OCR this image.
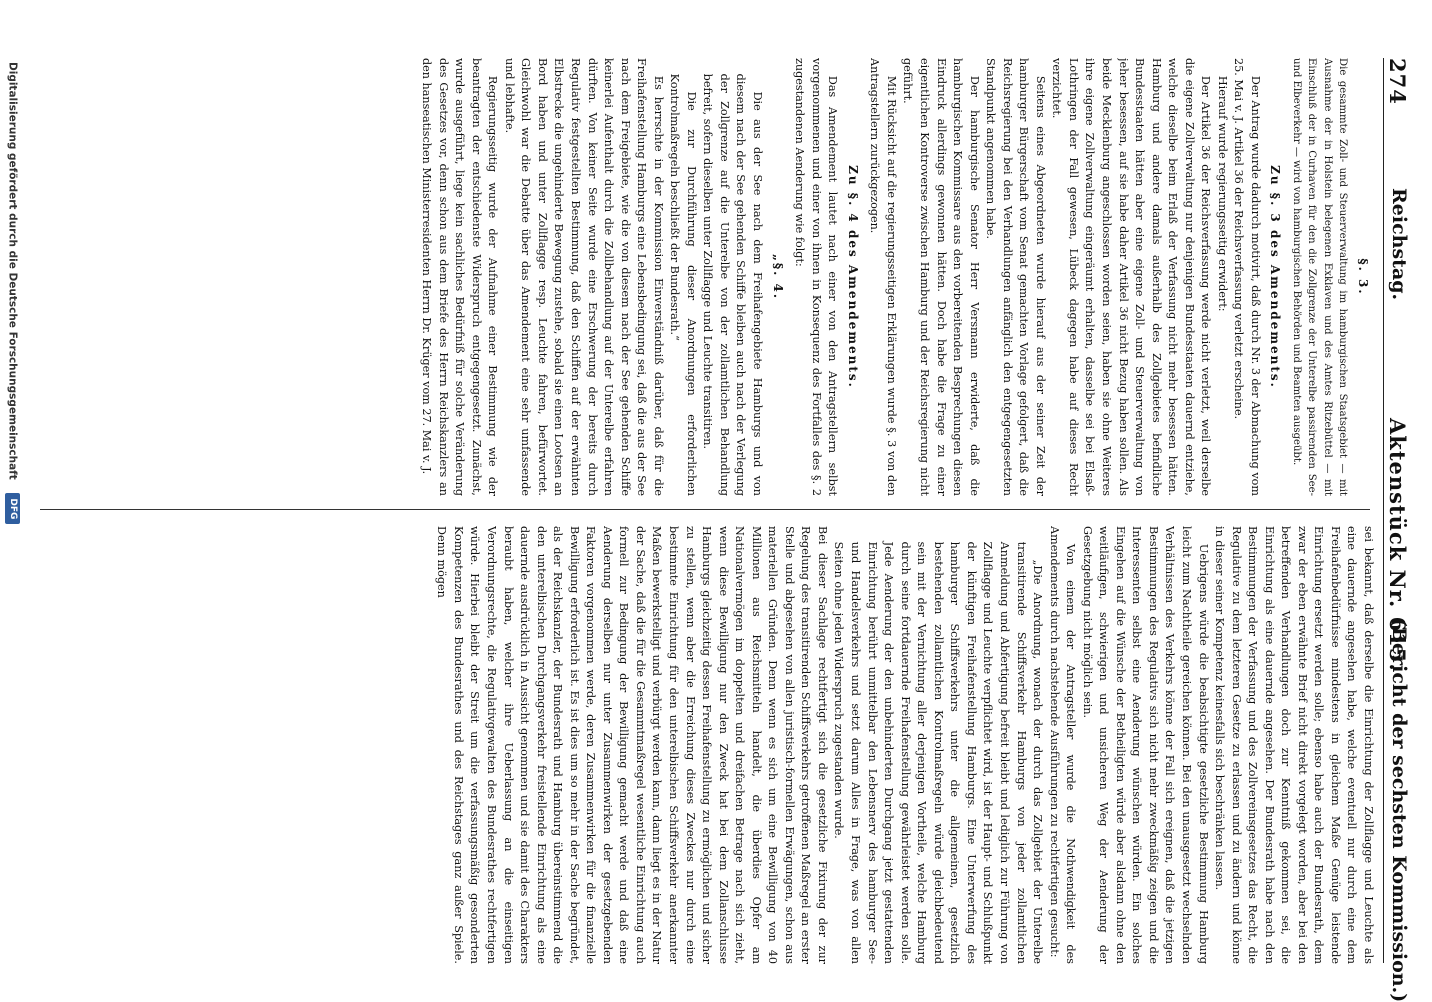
274
Reichstag.
Aktenstück Nr. 615.
(Bericht der sechsten Kommission.)
§. 3.

Die gesammte Zoll- und Steuerverwaltung im hamburgischen Staatsgebiet — mit Ausnahme der in Holstein belegenen Exklaven und des Amtes Ritzebüttel — mit Einschluß der in Curhaven für den die Zollgrenze der Unterelbe passirenden See- und Elbeverkehr — wird von hamburgischen Behörden und Beamten ausgeübt.

Zu §. 3 des Amendements.

Der Antrag wurde dadurch motivirt, daß durch Nr. 3 der Abmachung vom 25. Mai v. J. Artikel 36 der Reichsverfassung verletzt erscheine.

Hierauf wurde regierungsseitig erwidert:

Der Artikel 36 der Reichsverfassung werde nicht verletzt, weil derselbe die eigene Zollverwaltung nur denjenigen Bundesstaaten dauernd entziehe, welche dieselbe beim Erlaß der Verfassung nicht mehr besessen hätten. Hamburg und andere damals außerhalb des Zollgebietes befindliche Bundesstaaten hätten aber eine eigene Zoll- und Steuerverwaltung von jeher besessen, auf sie habe daher Artikel 36 nicht Bezug haben sollen. Als beide Mecklenburg angeschlossen worden seien, haben sie ohne Weiteres ihre eigene Zollverwaltung eingeräumt erhalten, dasselbe sei bei Elsaß-Lothringen der Fall gewesen, Lübeck dagegen habe auf dieses Recht verzichtet.

Seitens eines Abgeordneten wurde hierauf aus der seiner Zeit der hamburger Bürgerschaft vom Senat gemachten Vorlage gefolgert, daß die Reichsregierung bei den Verhandlungen anfänglich den entgegengesetzten Standpunkt angenommen habe.

Der hamburgische Senator Herr Versmann erwiderte, daß die hamburgischen Kommissare aus den vorbereitenden Besprechungen diesen Eindruck allerdings gewonnen hätten. Doch habe die Frage zu einer eigentlichen Kontroverse zwischen Hamburg und der Reichsregierung nicht geführt.

Mit Rücksicht auf die regierungsseitigen Erklärungen wurde §. 3 von den Antragstellern zurückgezogen.

Zu §. 4 des Amendements.

Das Amendement lautet nach einer von den Antragstellern selbst vorgenommenen und einer von ihnen in Konsequenz des Fortfalles des §. 2 zugestandenen Aenderung wie folgt:

„§. 4.

Die aus der See nach dem Freihafengebiete Hamburgs und von diesem nach der See gehenden Schiffe bleiben auch nach der Verlegung der Zollgrenze auf die Unterelbe von der zollamtlichen Behandlung befreit, sofern dieselben unter Zollflagge und Leuchte transitiren.

Die zur Durchführung dieser Anordnungen erforderlichen Kontrolmaßregeln beschließt der Bundesrath.“

Es herrschte in der Kommission Einverständniß darüber, daß für die Freihafenstellung Hamburgs eine Lebensbedingung sei, daß die aus der See nach dem Freigebiete, wie die von diesem nach der See gehenden Schiffe keinerlei Aufenthalt durch die Zollbehandlung auf der Unterelbe erfahren dürften. Von keiner Seite wurde eine Erschwerung der bereits durch Regulativ festgestellten Bestimmung, daß den Schiffen auf der erwähnten Elbstrecke die ungehinderte Bewegung zustehe, sobald sie einen Lootsen an Bord haben und unter Zollflagge resp. Leuchte fahren, befürwortet. Gleichwohl war die Debatte über das Amendement eine sehr umfassende und lebhafte.

Regierungsseitig wurde der Aufnahme einer Bestimmung wie der beantragten der entschiedenste Widerspruch entgegengesetzt. Zunächst, wurde ausgeführt, liege kein sachliches Bedürfniß für solche Veränderung des Gesetzes vor, denn schon aus dem Briefe des Herrn Reichskanzlers an den hanseatischen Ministerresidenten Herrn Dr. Krüger vom 27. Mai v. J.

sei bekannt, daß derselbe die Einrichtung der Zollflagge und Leuchte als eine dauernde angesehen habe, welche eventuell nur durch eine dem Freihafenbedürfnisse mindestens in gleichem Maße Genüge leistende Einrichtung ersetzt werden solle; ebenso habe auch der Bundesrath, dem zwar der eben erwähnte Brief nicht direkt vorgelegt worden, aber bei den betreffenden Verhandlungen doch zur Kenntniß gekommen sei, die Einrichtung als eine dauernde angesehen. Der Bundesrath habe nach den Bestimmungen der Verfassung und des Zollvereinsgesetzes das Recht, die Regulative zu dem letzteren Gesetze zu erlassen und zu ändern und könne in dieser seiner Kompetenz keinesfalls sich beschränken lassen.

Uebrigens würde die beabsichtigte gesetzliche Bestimmung Hamburg leicht zum Nachtheile gereichen können. Bei den unausgesetzt wechselnden Verhältnissen des Verkehrs könne der Fall sich ereignen, daß die jetzigen Bestimmungen des Regulativs sich nicht mehr zweckmäßig zeigen und die Interessenten selbst eine Aenderung wünschen würden. Ein solches Eingehen auf die Wünsche der Betheiligten würde aber alsdann ohne den weitläufigen, schwierigen und unsicheren Weg der Aenderung der Gesetzgebung nicht möglich sein.

Von einem der Antragsteller wurde die Nothwendigkeit des Amendements durch nachstehende Ausführungen zu rechtfertigen gesucht:

„Die Anordnung, wonach der durch das Zollgebiet der Unterelbe transitirende Schiffsverkehr Hamburgs von jeder zollamtlichen Anmeldung und Abfertigung befreit bleibt und lediglich zur Führung von Zollflagge und Leuchte verpflichtet wird, ist der Haupt- und Schlußpunkt der künftigen Freihafenstellung Hamburgs. Eine Unterwerfung des hamburger Schiffsverkehrs unter die allgemeinen, gesetzlich bestehenden zollamtlichen Kontrolmaßregeln würde gleichbedeutend sein mit der Vernichtung aller derjenigen Vortheile, welche Hamburg durch seine fortdauernde Freihafenstellung gewährleistet werden solle. Jede Aenderung der den unbehinderten Durchgang jetzt gestattenden Einrichtung berührt unmittelbar den Lebensnerv des hamburger See- und Handelsverkehrs und setzt darum Alles in Frage, was von allen Seiten ohne jeden Widerspruch zugestanden wurde.

Bei dieser Sachlage rechtfertigt sich die gesetzliche Fixirung der zur Regelung des transitirenden Schiffsverkehrs getroffenen Maßregel an erster Stelle und abgesehen von allen juristisch-formellen Erwägungen, schon aus materiellen Gründen. Denn wenn es sich um eine Bewilligung von 40 Millionen aus Reichsmitteln handelt, die überdies Opfer am Nationalvermögen im doppelten und dreifachen Betrage nach sich zieht, wenn diese Bewilligung nur den Zweck hat bei dem Zollanschlusse Hamburgs gleichzeitig dessen Freihafenstellung zu ermöglichen und sicher zu stellen, wenn aber die Erreichung dieses Zweckes nur durch eine bestimmte Einrichtung für den unterelbischen Schiffsverkehr anerkannter Maßen bewerkstelligt und verbürgt werden kann, dann liegt es in der Natur der Sache, daß die für die Gesammtmaßregel wesentliche Einrichtung auch formell zur Bedingung der Bewilligung gemacht werde und daß eine Aenderung derselben nur unter Zusammenwirken der gesetzgebenden Faktoren vorgenommen werde, deren Zusammenwirken für die finanzielle Bewilligung erforderlich ist. Es ist dies um so mehr in der Sache begründet, als der Reichskanzler, der Bundesrath und Hamburg übereinstimmend die den unterelbischen Durchgangsverkehr freistellende Einrichtung als eine dauernde ausdrücklich in Aussicht genommen und sie damit des Charakters beraubt haben, welcher ihre Ueberlassung an die einseitigen Verordnungsrechte, die Regulativgewalten des Bundesrathes rechtfertigen würde. Hierbei bleibt der Streit um die verfassungsmäßig gesonderten Kompetenzen des Bundesrathes und des Reichstages ganz außer Spiele. Denn mögen

Digitalisierung gefördert durch die Deutsche Forschungsgemeinschaft DFG
